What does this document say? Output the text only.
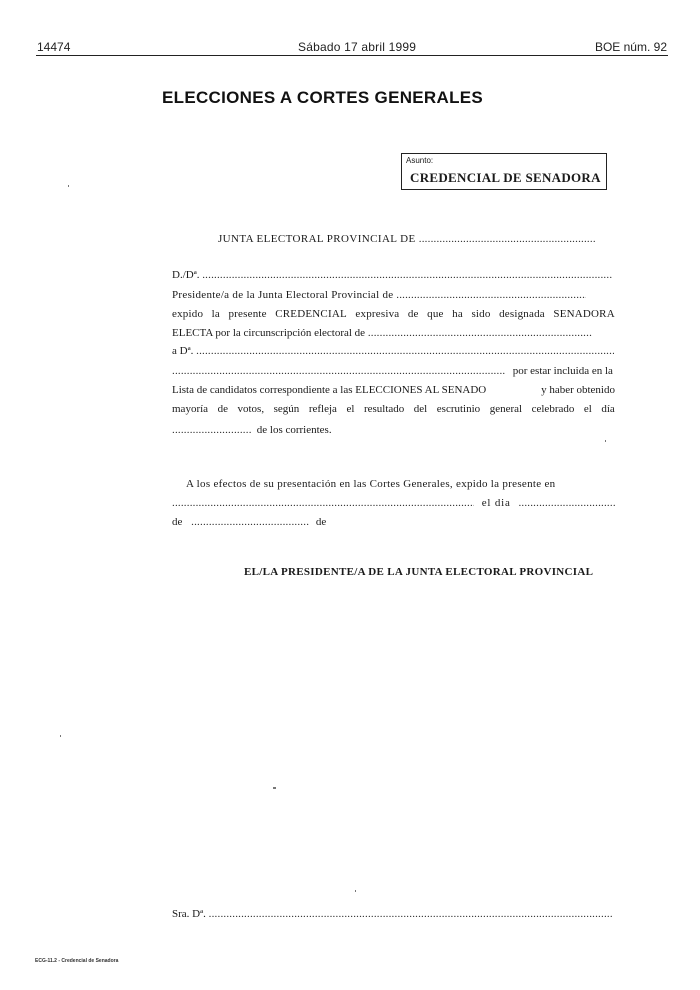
14474	Sábado 17 abril 1999	BOE núm. 92
ELECCIONES A CORTES GENERALES
Asunto:
CREDENCIAL DE SENADORA
JUNTA ELECTORAL PROVINCIAL DE .....
D./Dª. .....
Presidente/a de la Junta Electoral Provincial de .....
expido la presente CREDENCIAL expresiva de que ha sido designada SENADORA
ELECTA por la circunscripción electoral de .....
a Dª. .....
..... por estar incluida en la
Lista de candidatos correspondiente a las ELECCIONES AL SENADO	y haber obtenido
mayoría de votos, según refleja el resultado del escrutinio general celebrado el día
..... de los corrientes.
A los efectos de su presentación en las Cortes Generales, expido la presente en
..... el dia .....
de .....	de
EL/LA PRESIDENTE/A DE LA JUNTA ELECTORAL PROVINCIAL
Sra. Dª. .....
ECG-11.2 - Credencial de Senadora
